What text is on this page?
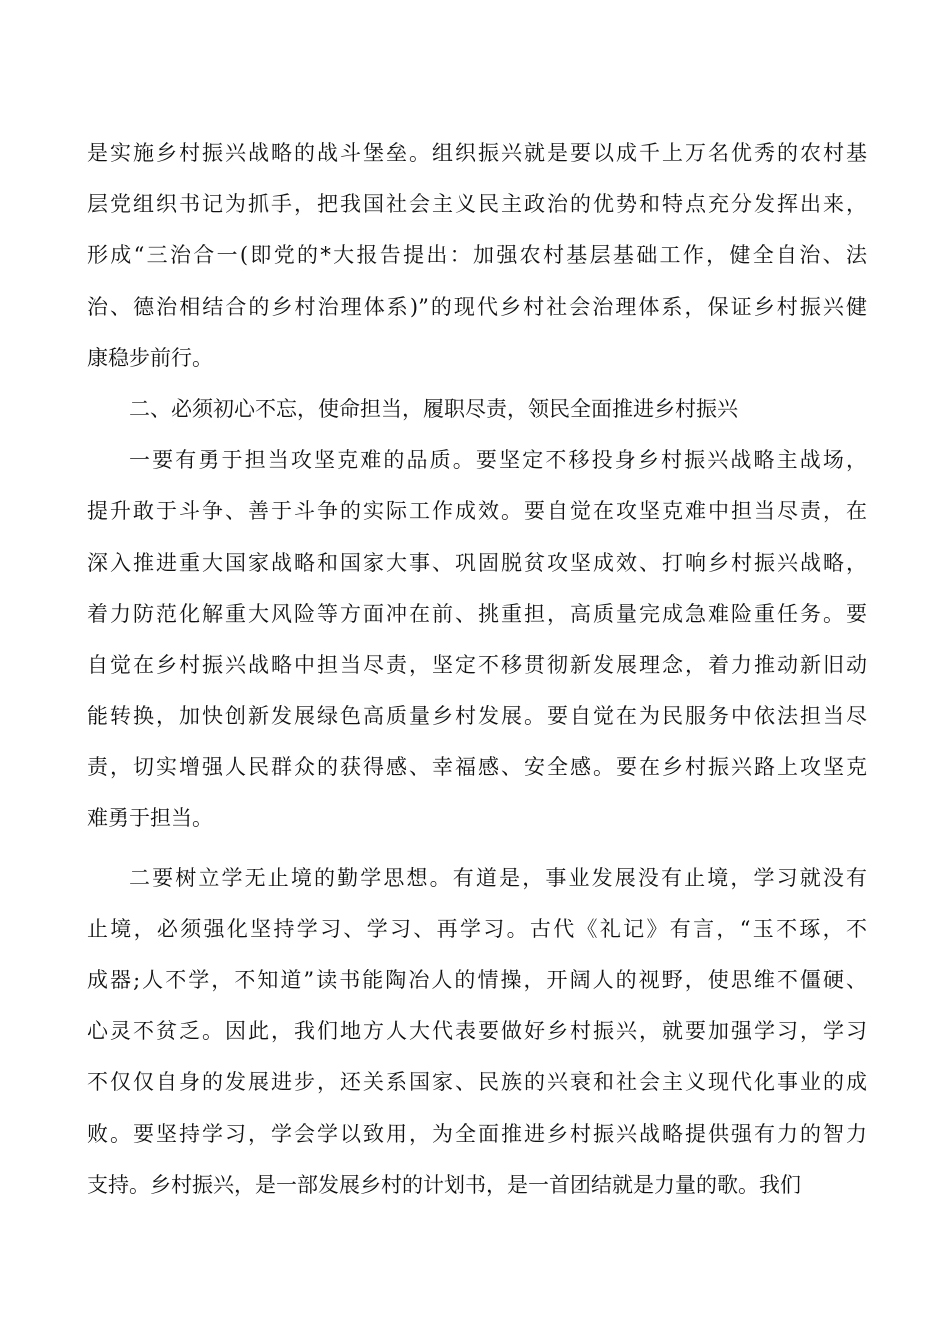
是实施乡村振兴战略的战斗堡垒。组织振兴就是要以成千上万名优秀的农村基
层党组织书记为抓手，把我国社会主义民主政治的优势和特点充分发挥出来，
形成“三治合一(即党的*大报告提出：加强农村基层基础工作，健全自治、法
治、德治相结合的乡村治理体系)”的现代乡村社会治理体系，保证乡村振兴健
康稳步前行。
二、必须初心不忘，使命担当，履职尽责，领民全面推进乡村振兴
一要有勇于担当攻坚克难的品质。要坚定不移投身乡村振兴战略主战场，
提升敢于斗争、善于斗争的实际工作成效。要自觉在攻坚克难中担当尽责，在
深入推进重大国家战略和国家大事、巩固脱贫攻坚成效、打响乡村振兴战略，
着力防范化解重大风险等方面冲在前、挑重担，高质量完成急难险重任务。要
自觉在乡村振兴战略中担当尽责，坚定不移贯彻新发展理念，着力推动新旧动
能转换，加快创新发展绿色高质量乡村发展。要自觉在为民服务中依法担当尽
责，切实增强人民群众的获得感、幸福感、安全感。要在乡村振兴路上攻坚克
难勇于担当。
二要树立学无止境的勤学思想。有道是，事业发展没有止境，学习就没有
止境，必须强化坚持学习、学习、再学习。古代《礼记》有言，“玉不琢，不
成器;人不学，不知道”读书能陶冶人的情操，开阔人的视野，使思维不僵硬、
心灵不贫乏。因此，我们地方人大代表要做好乡村振兴，就要加强学习，学习
不仅仅自身的发展进步，还关系国家、民族的兴衰和社会主义现代化事业的成
败。要坚持学习，学会学以致用，为全面推进乡村振兴战略提供强有力的智力
支持。乡村振兴，是一部发展乡村的计划书，是一首团结就是力量的歌。我们
